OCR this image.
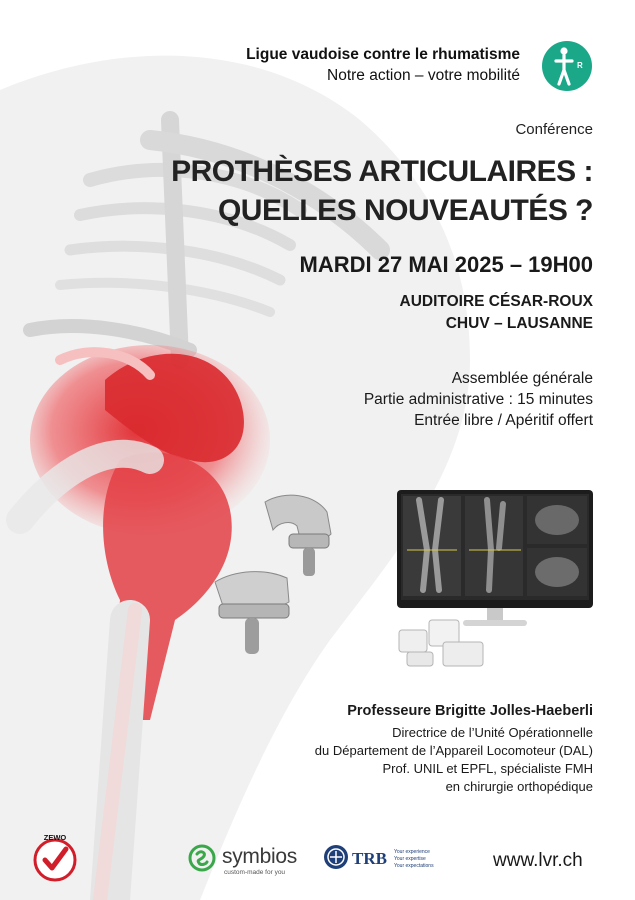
Ligue vaudoise contre le rhumatisme
Notre action – votre mobilité
R
Conférence
PROTHÈSES ARTICULAIRES :
QUELLES NOUVEAUTÉS ?
MARDI 27 MAI 2025 – 19H00
AUDITOIRE CÉSAR-ROUX
CHUV – LAUSANNE
Assemblée générale
Partie administrative : 15 minutes
Entrée libre / Apéritif offert
Professeure Brigitte Jolles-Haeberli
Directrice de l’Unité Opérationnelle
du Département de l’Appareil Locomoteur (DAL)
Prof. UNIL et EPFL, spécialiste FMH
en chirurgie orthopédique
ZEWO
symbios
custom-made for you
TRB Your experience
Your expertise
Your expectations	www.lvr.ch
